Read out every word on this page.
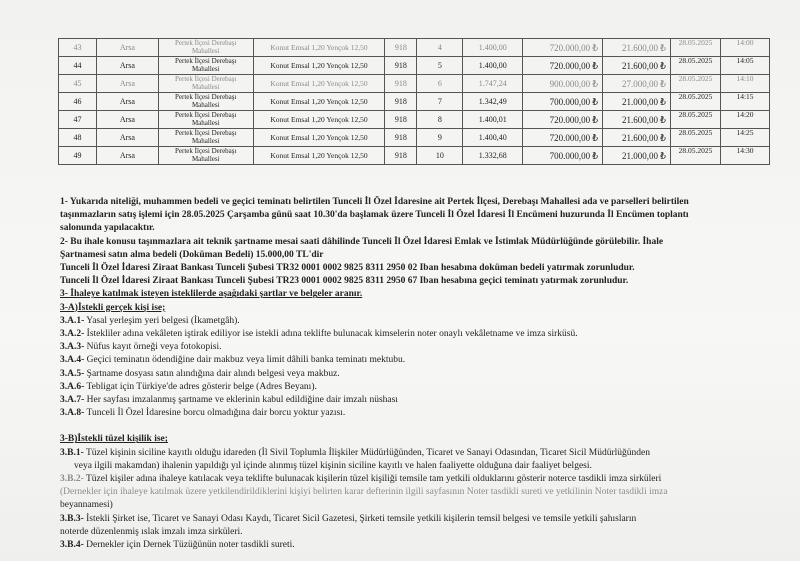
43	Arsa	Pertek İlçesi Derebaşı Mahallesi	Konut Emsal 1,20 Yençok 12,50	918	4	1.400,00	720.000,00 ₺	21.600,00 ₺	28.05.2025	14:00
44	Arsa	Pertek İlçesi Derebaşı Mahallesi	Konut Emsal 1,20 Yençok 12,50	918	5	1.400,00	720.000,00 ₺	21.600,00 ₺	28.05.2025	14:05
45	Arsa	Pertek İlçesi Derebaşı Mahallesi	Konut Emsal 1,20 Yençok 12,50	918	6	1.747,24	900.000,00 ₺	27.000,00 ₺	28.05.2025	14:10
46	Arsa	Pertek İlçesi Derebaşı Mahallesi	Konut Emsal 1,20 Yençok 12,50	918	7	1.342,49	700.000,00 ₺	21.000,00 ₺	28.05.2025	14:15
47	Arsa	Pertek İlçesi Derebaşı Mahallesi	Konut Emsal 1,20 Yençok 12,50	918	8	1.400,01	720.000,00 ₺	21.600,00 ₺	28.05.2025	14:20
48	Arsa	Pertek İlçesi Derebaşı Mahallesi	Konut Emsal 1,20 Yençok 12,50	918	9	1.400,40	720.000,00 ₺	21.600,00 ₺	28.05.2025	14:25
49	Arsa	Pertek İlçesi Derebaşı Mahallesi	Konut Emsal 1,20 Yençok 12,50	918	10	1.332,68	700.000,00 ₺	21.000,00 ₺	28.05.2025	14:30

1- Yukarıda niteliği, muhammen bedeli ve geçici teminatı belirtilen Tunceli İl Özel İdaresine ait Pertek İlçesi, Derebaşı Mahallesi ada ve parselleri belirtilen

taşınmazların satış işlemi için 28.05.2025 Çarşamba günü saat 10.30'da başlamak üzere Tunceli İl Özel İdaresi İl Encümeni huzurunda İl Encümen toplantı

salonunda yapılacaktır.

2- Bu ihale konusu taşınmazlara ait teknik şartname mesai saati dâhilinde Tunceli İl Özel İdaresi Emlak ve İstimlak Müdürlüğünde görülebilir. İhale

Şartnamesi satın alma bedeli (Doküman Bedeli) 15.000,00 TL'dir

Tunceli İl Özel İdaresi Ziraat Bankası Tunceli Şubesi TR32 0001 0002 9825 8311 2950 02 Iban hesabına doküman bedeli yatırmak zorunludur.

Tunceli İl Özel İdaresi Ziraat Bankası Tunceli Şubesi TR23 0001 0002 9825 8311 2950 67 Iban hesabına geçici teminatı yatırmak zorunludur.

3- İhaleye katılmak isteyen isteklilerde aşağıdaki şartlar ve belgeler aranır.

3-A)İstekli gerçek kişi ise;

3.A.1- Yasal yerleşim yeri belgesi (İkametgâh).

3.A.2- İstekliler adına vekâleten iştirak ediliyor ise istekli adına teklifte bulunacak kimselerin noter onaylı vekâletname ve imza sirküsü.

3.A.3- Nüfus kayıt örneği veya fotokopisi.

3.A.4- Geçici teminatın ödendiğine dair makbuz veya limit dâhili banka teminatı mektubu.

3.A.5- Şartname dosyası satın alındığına dair alındı belgesi veya makbuz.

3.A.6- Tebligat için Türkiye'de adres gösterir belge (Adres Beyanı).

3.A.7- Her sayfası imzalanmış şartname ve eklerinin kabul edildiğine dair imzalı nüshası

3.A.8- Tunceli İl Özel İdaresine borcu olmadığına dair borcu yoktur yazısı.

3-B)İstekli tüzel kişilik ise;

3.B.1- Tüzel kişinin siciline kayıtlı olduğu idareden (İl Sivil Toplumla İlişkiler Müdürlüğünden, Ticaret ve Sanayi Odasından, Ticaret Sicil Müdürlüğünden

veya ilgili makamdan) ihalenin yapıldığı yıl içinde alınmış tüzel kişinin siciline kayıtlı ve halen faaliyette olduğuna dair faaliyet belgesi.

3.B.2- Tüzel kişiler adına ihaleye katılacak veya teklifte bulunacak kişilerin tüzel kişiliği temsile tam yetkili olduklarını gösterir noterce tasdikli imza sirküleri

(Dernekler için ihaleye katılmak üzere yetkilendirildiklerini kişiyi belirten karar defterinin ilgili sayfasının Noter tasdikli sureti ve yetkilinin Noter tasdikli imza

beyannamesi)

3.B.3- İstekli Şirket ise, Ticaret ve Sanayi Odası Kaydı, Ticaret Sicil Gazetesi, Şirketi temsile yetkili kişilerin temsil belgesi ve temsile yetkili şahısların

noterde düzenlenmiş ıslak imzalı imza sirküleri.

3.B.4- Dernekler için Dernek Tüzüğünün noter tasdikli sureti.
